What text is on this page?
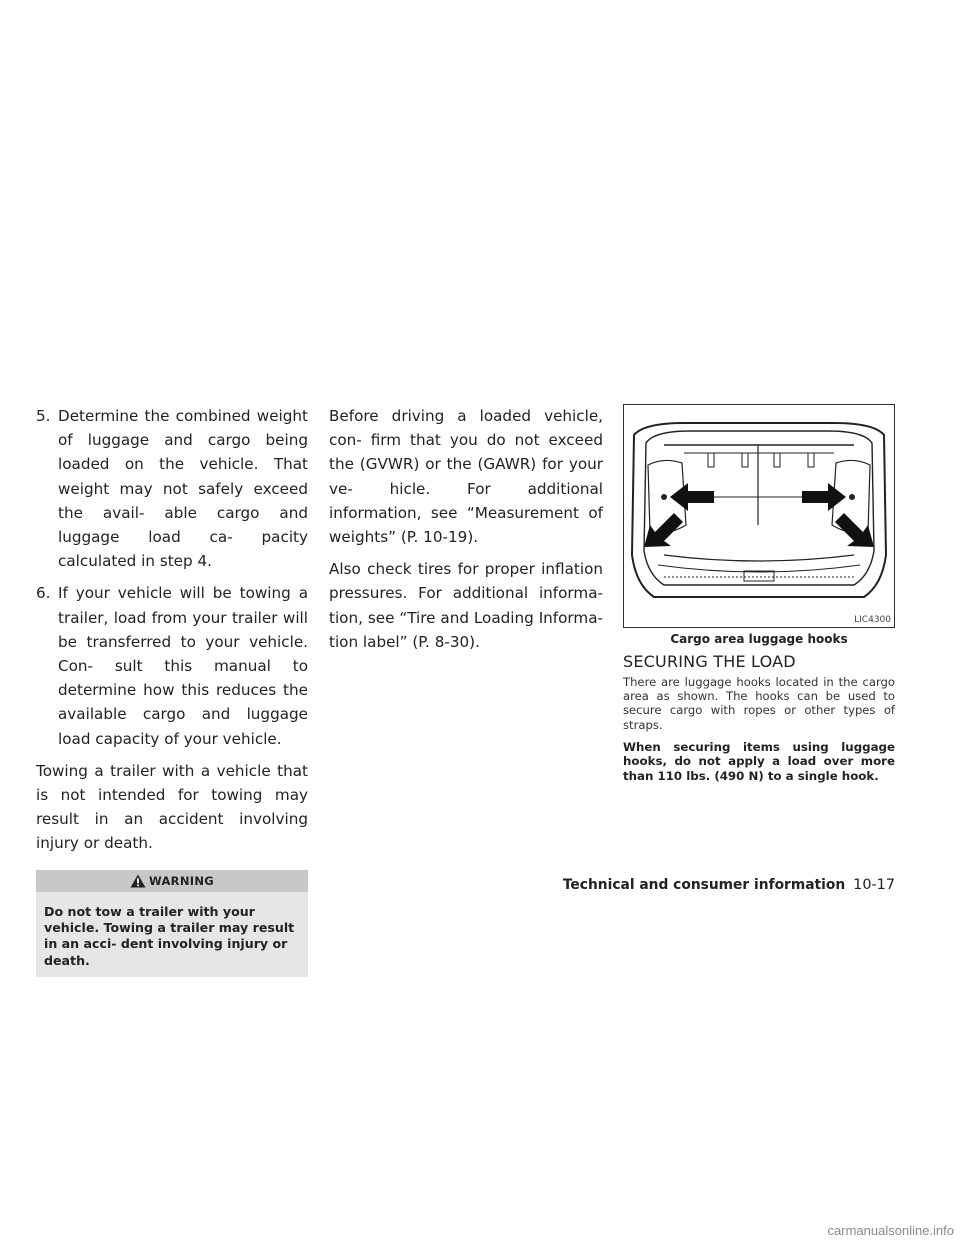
5. Determine the combined weight of luggage and cargo being loaded on the vehicle. That weight may not safely exceed the avail- able cargo and luggage load ca- pacity calculated in step 4.
6. If your vehicle will be towing a trailer, load from your trailer will be transferred to your vehicle. Con- sult this manual to determine how this reduces the available cargo and luggage load capacity of your vehicle.

Towing a trailer with a vehicle that is not intended for towing may result in an accident involving injury or death.

WARNING
Do not tow a trailer with your vehicle. Towing a trailer may result in an acci- dent involving injury or death.

Before driving a loaded vehicle, con- firm that you do not exceed the (GVWR) or the (GAWR) for your ve- hicle. For additional information, see “Measurement of weights” (P. 10-19).

Also check tires for proper inflation pressures. For additional informa- tion, see “Tire and Loading Informa- tion label” (P. 8-30).

LIC4300
Cargo area luggage hooks
SECURING THE LOAD

There are luggage hooks located in the cargo area as shown. The hooks can be used to secure cargo with ropes or other types of straps.

When securing items using luggage hooks, do not apply a load over more than 110 lbs. (490 N) to a single hook.

Technical and consumer information 10-17
carmanualsonline.info
